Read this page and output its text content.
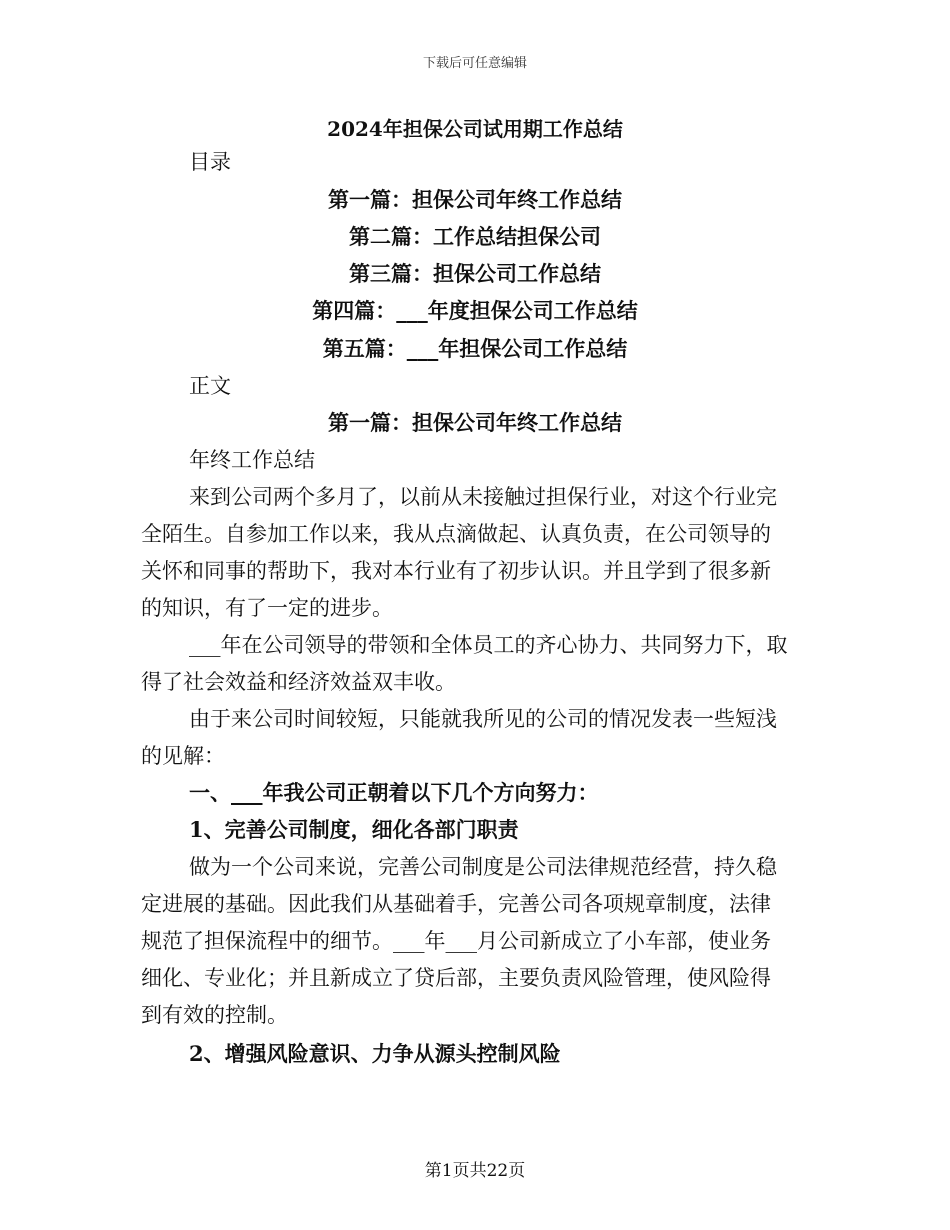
下载后可任意编辑
2024年担保公司试用期工作总结
目录
第一篇：担保公司年终工作总结
第二篇：工作总结担保公司
第三篇：担保公司工作总结
第四篇：___年度担保公司工作总结
第五篇：___年担保公司工作总结
正文
第一篇：担保公司年终工作总结
年终工作总结
来到公司两个多月了，以前从未接触过担保行业，对这个行业完
全陌生。自参加工作以来，我从点滴做起、认真负责，在公司领导的
关怀和同事的帮助下，我对本行业有了初步认识。并且学到了很多新
的知识，有了一定的进步。
___年在公司领导的带领和全体员工的齐心协力、共同努力下，取
得了社会效益和经济效益双丰收。
由于来公司时间较短，只能就我所见的公司的情况发表一些短浅
的见解：
一、___年我公司正朝着以下几个方向努力：
1、完善公司制度，细化各部门职责
做为一个公司来说，完善公司制度是公司法律规范经营，持久稳
定进展的基础。因此我们从基础着手，完善公司各项规章制度，法律
规范了担保流程中的细节。___年___月公司新成立了小车部，使业务
细化、专业化；并且新成立了贷后部，主要负责风险管理，使风险得
到有效的控制。
2、增强风险意识、力争从源头控制风险
第1页共22页
